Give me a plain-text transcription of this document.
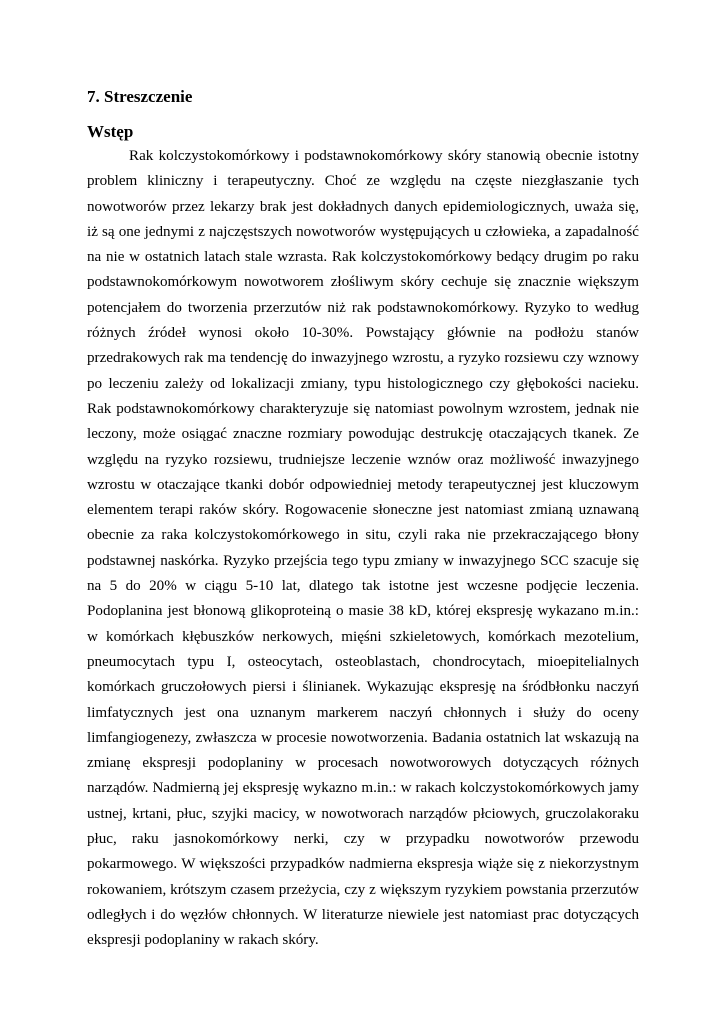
7. Streszczenie
Wstęp

Rak kolczystokomórkowy i podstawnokomórkowy skóry stanowią obecnie istotny problem kliniczny i terapeutyczny. Choć ze względu na częste niezgłaszanie tych nowotworów przez lekarzy brak jest dokładnych danych epidemiologicznych, uważa się, iż są one jednymi z najczęstszych nowotworów występujących u człowieka, a zapadalność na nie w ostatnich latach stale wzrasta. Rak kolczystokomórkowy bedący drugim po raku podstawnokomórkowym nowotworem złośliwym skóry cechuje się znacznie większym potencjałem do tworzenia przerzutów niż rak podstawnokomórkowy. Ryzyko to według różnych źródeł wynosi około 10-30%. Powstający głównie na podłożu stanów przedrakowych rak ma tendencję do inwazyjnego wzrostu, a ryzyko rozsiewu czy wznowy po leczeniu zależy od lokalizacji zmiany, typu histologicznego czy głębokości nacieku. Rak podstawnokomórkowy charakteryzuje się natomiast powolnym wzrostem, jednak nie leczony, może osiągać znaczne rozmiary powodując destrukcję otaczających tkanek. Ze względu na ryzyko rozsiewu, trudniejsze leczenie wznów oraz możliwość inwazyjnego wzrostu w otaczające tkanki dobór odpowiedniej metody terapeutycznej jest kluczowym elementem terapi raków skóry. Rogowacenie słoneczne jest natomiast zmianą uznawaną obecnie za raka kolczystokomórkowego in situ, czyli raka nie przekraczającego błony podstawnej naskórka. Ryzyko przejścia tego typu zmiany w inwazyjnego SCC szacuje się na 5 do 20% w ciągu 5-10 lat, dlatego tak istotne jest wczesne podjęcie leczenia. Podoplanina jest błonową glikoproteiną o masie 38 kD, której ekspresję wykazano m.in.: w komórkach kłębuszków nerkowych, mięśni szkieletowych, komórkach mezotelium, pneumocytach typu I, osteocytach, osteoblastach, chondrocytach, mioepitelialnych komórkach gruczołowych piersi i ślinianek. Wykazując ekspresję na śródbłonku naczyń limfatycznych jest ona uznanym markerem naczyń chłonnych i służy do oceny limfangiogenezy, zwłaszcza w procesie nowotworzenia. Badania ostatnich lat wskazują na zmianę ekspresji podoplaniny w procesach nowotworowych dotyczących różnych narządów. Nadmierną jej ekspresję wykazno m.in.: w rakach kolczystokomórkowych jamy ustnej, krtani, płuc, szyjki macicy, w nowotworach narządów płciowych, gruczolakoraku płuc, raku jasnokomórkowy nerki, czy w przypadku nowotworów przewodu pokarmowego. W większości przypadków nadmierna ekspresja wiąże się z niekorzystnym rokowaniem, krótszym czasem przeżycia, czy z większym ryzykiem powstania przerzutów odległych i do węzłów chłonnych. W literaturze niewiele jest natomiast prac dotyczących ekspresji podoplaniny w rakach skóry.
